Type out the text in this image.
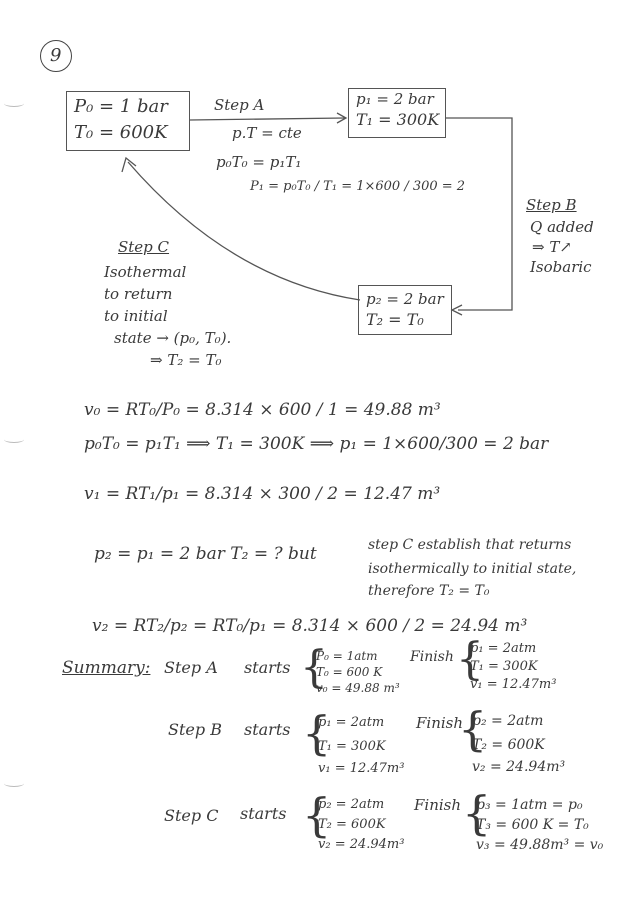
9
P₀ = 1 bar
T₀ = 600K
p₁ = 2 bar
T₁ = 300K
p₂ = 2 bar
T₂ = T₀
Step A
p.T = cte
p₀T₀ = p₁T₁
P₁ = p₀T₀ / T₁ = 1×600 / 300 = 2
Step B
Q added
⇒ T↗
Isobaric
Step C
Isothermal
to return
to initial
state → (p₀, T₀).
⇒ T₂ = T₀
v₀ = RT₀/P₀ = 8.314 × 600 / 1 = 49.88 m³
p₀T₀ = p₁T₁ ⟹ T₁ = 300K ⟹ p₁ = 1×600/300 = 2 bar
v₁ = RT₁/p₁ = 8.314 × 300 / 2 = 12.47 m³
p₂ = p₁ = 2 bar T₂ = ? but	step C establish that returns
isothermically to initial state,
therefore T₂ = T₀
v₂ = RT₂/p₂ = RT₀/p₁ = 8.314 × 600 / 2 = 24.94 m³
Summary: Step A starts {
P₀ = 1atm
T₀ = 600 K
v₀ = 49.88 m³
Finish {
p₁ = 2atm
T₁ = 300K
v₁ = 12.47m³
Step B starts {
p₁ = 2atm
T₁ = 300K
v₁ = 12.47m³
Finish
{
p₂ = 2atm
T₂ = 600K
v₂ = 24.94m³
Step C starts {
p₂ = 2atm
T₂ = 600K
v₂ = 24.94m³
Finish {
p₃ = 1atm = p₀
T₃ = 600 K = T₀
v₃ = 49.88m³ = v₀
